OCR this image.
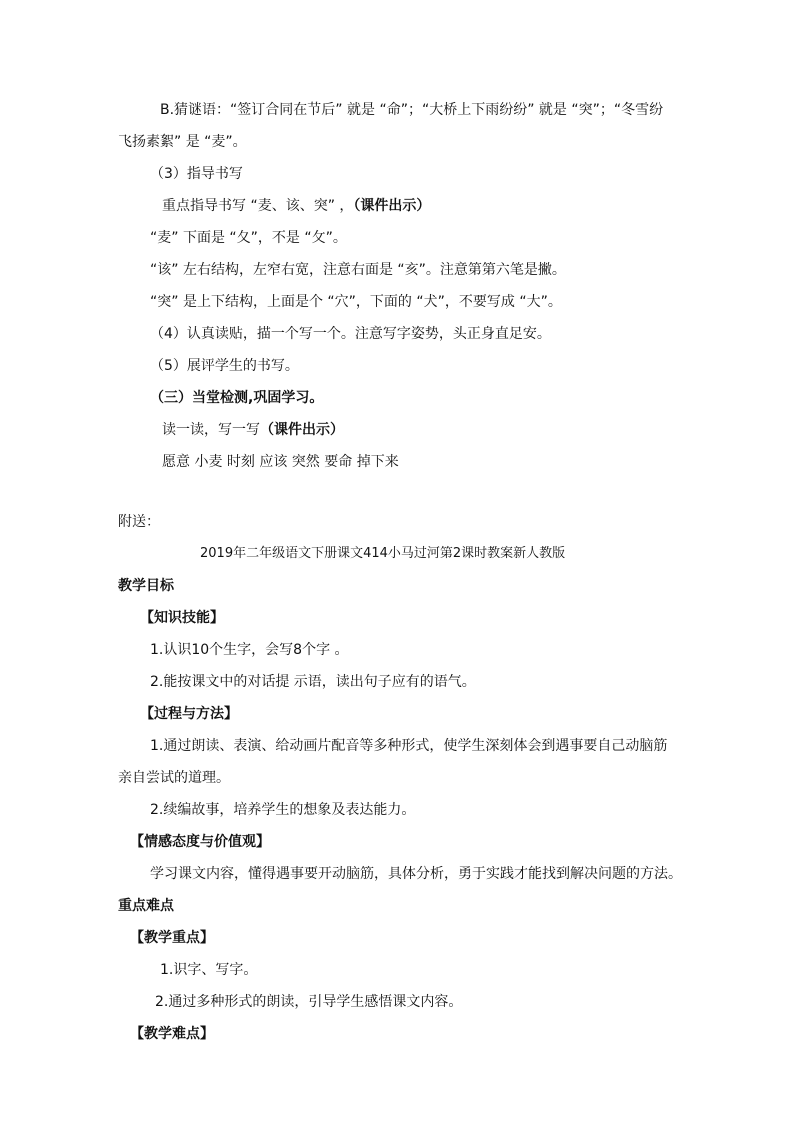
B.猜谜语：“签订合同在节后” 就是 “命”；“大桥上下雨纷纷” 就是 “突”；“冬雪纷
飞扬素絮” 是 “麦”。
（3）指导书写
重点指导书写 “麦、该、突” ，（课件出示）
“麦” 下面是 “夂”，不是 “攵”。
“该” 左右结构，左窄右宽，注意右面是 “亥”。注意第第六笔是撇。
“突” 是上下结构，上面是个 “穴”，下面的 “犬”，不要写成 “大”。
（4）认真读贴，描一个写一个。注意写字姿势，头正身直足安。
（5）展评学生的书写。
（三）当堂检测,巩固学习。
读一读，写一写（课件出示）
愿意 小麦 时刻 应该 突然 要命 掉下来
附送：
2019年二年级语文下册课文414小马过河第2课时教案新人教版
教学目标
【知识技能】
1.认识10个生字，会写8个字 。
2.能按课文中的对话提 示语，读出句子应有的语气。
【过程与方法】
1.通过朗读、表演、给动画片配音等多种形式，使学生深刻体会到遇事要自己动脑筋
亲自尝试的道理。
2.续编故事，培养学生的想象及表达能力。
【情感态度与价值观】
学习课文内容，懂得遇事要开动脑筋，具体分析，勇于实践才能找到解决问题的方法。
重点难点
【教学重点】
1.识字、写字。
2.通过多种形式的朗读，引导学生感悟课文内容。
【教学难点】
